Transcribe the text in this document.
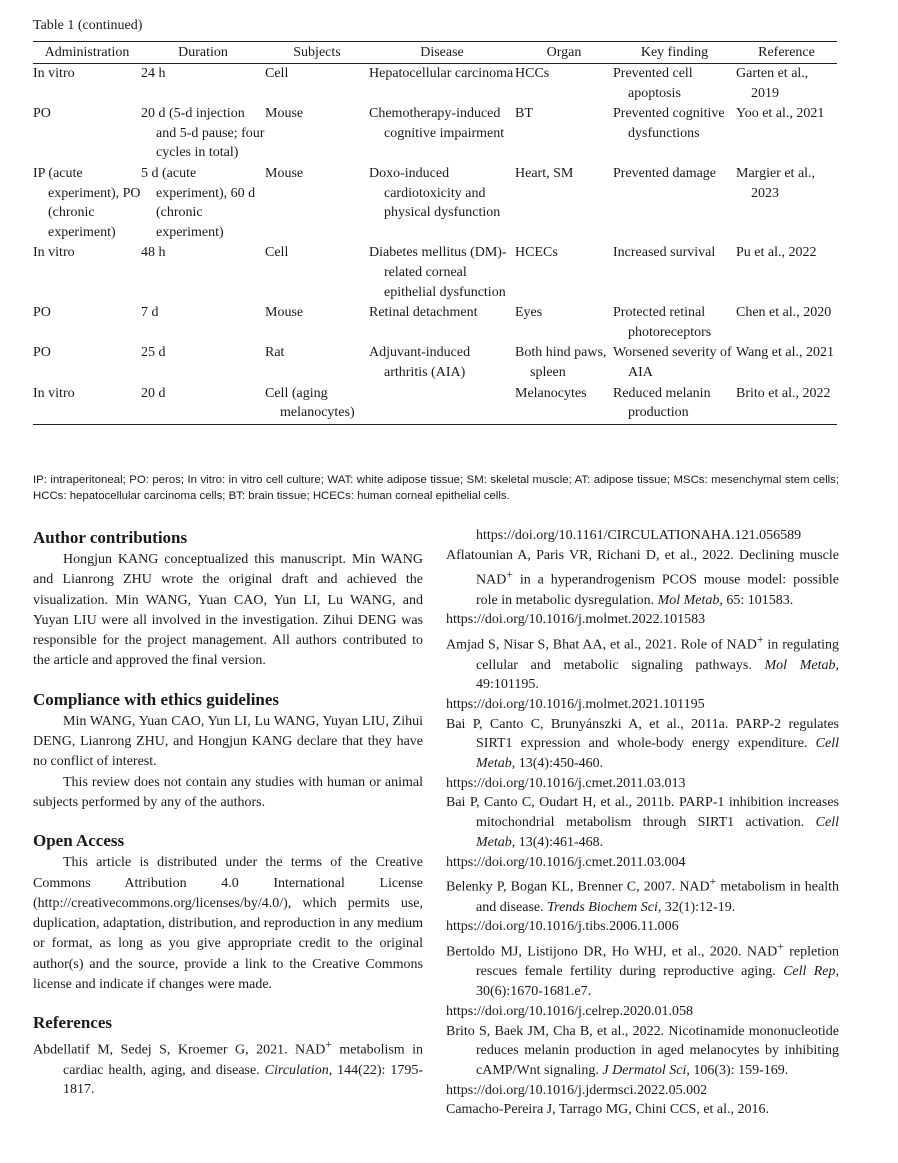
Table 1 (continued)
Administration	Duration	Subjects	Disease	Organ	Key finding	Reference

In vitro	24 h	Cell	Hepatocellular carcinoma	HCCs	Prevented cell apoptosis	Garten et al., 2019

PO	20 d (5-d injection and 5-d pause; four cycles in total)	Mouse	Chemotherapy-induced cognitive impairment	BT	Prevented cognitive dysfunctions	Yoo et al., 2021

IP (acute experiment), PO (chronic experiment)	5 d (acute experiment), 60 d (chronic experiment)	Mouse	Doxo-induced cardiotoxicity and physical dysfunction	Heart, SM	Prevented damage	Margier et al., 2023

In vitro	48 h	Cell	Diabetes mellitus (DM)-related corneal epithelial dysfunction	HCECs	Increased survival	Pu et al., 2022

PO	7 d	Mouse	Retinal detachment	Eyes	Protected retinal photoreceptors	Chen et al., 2020

PO	25 d	Rat	Adjuvant-induced arthritis (AIA)	Both hind paws, spleen	Worsened severity of AIA	Wang et al., 2021

In vitro	20 d	Cell (aging melanocytes)		Melanocytes	Reduced melanin production	Brito et al., 2022
IP: intraperitoneal; PO: peros; In vitro: in vitro cell culture; WAT: white adipose tissue; SM: skeletal muscle; AT: adipose tissue; MSCs: mesenchymal stem cells; HCCs: hepatocellular carcinoma cells; BT: brain tissue; HCECs: human corneal epithelial cells.
Author contributions

Hongjun KANG conceptualized this manuscript. Min WANG and Lianrong ZHU wrote the original draft and achieved the visualization. Min WANG, Yuan CAO, Yun LI, Lu WANG, and Yuyan LIU were all involved in the investigation. Zihui DENG was responsible for the project management. All authors contributed to the article and approved the final version.

Compliance with ethics guidelines

Min WANG, Yuan CAO, Yun LI, Lu WANG, Yuyan LIU, Zihui DENG, Lianrong ZHU, and Hongjun KANG declare that they have no conflict of interest.

This review does not contain any studies with human or animal subjects performed by any of the authors.

Open Access

This article is distributed under the terms of the Creative Commons Attribution 4.0 International License (http://creativecommons.org/licenses/by/4.0/), which permits use, duplication, adaptation, distribution, and reproduction in any medium or format, as long as you give appropriate credit to the original author(s) and the source, provide a link to the Creative Commons license and indicate if changes were made.

References

Abdellatif M, Sedej S, Kroemer G, 2021. NAD+ metabolism in cardiac health, aging, and disease. Circulation, 144(22): 1795-1817.

https://doi.org/10.1161/CIRCULATIONAHA.121.056589

Aflatounian A, Paris VR, Richani D, et al., 2022. Declining muscle NAD+ in a hyperandrogenism PCOS mouse model: possible role in metabolic dysregulation. Mol Metab, 65: 101583.
https://doi.org/10.1016/j.molmet.2022.101583

Amjad S, Nisar S, Bhat AA, et al., 2021. Role of NAD+ in regulating cellular and metabolic signaling pathways. Mol Metab, 49:101195.
https://doi.org/10.1016/j.molmet.2021.101195

Bai P, Canto C, Brunyánszki A, et al., 2011a. PARP-2 regulates SIRT1 expression and whole-body energy expenditure. Cell Metab, 13(4):450-460.
https://doi.org/10.1016/j.cmet.2011.03.013

Bai P, Canto C, Oudart H, et al., 2011b. PARP-1 inhibition increases mitochondrial metabolism through SIRT1 activation. Cell Metab, 13(4):461-468.
https://doi.org/10.1016/j.cmet.2011.03.004

Belenky P, Bogan KL, Brenner C, 2007. NAD+ metabolism in health and disease. Trends Biochem Sci, 32(1):12-19.
https://doi.org/10.1016/j.tibs.2006.11.006

Bertoldo MJ, Listijono DR, Ho WHJ, et al., 2020. NAD+ repletion rescues female fertility during reproductive aging. Cell Rep, 30(6):1670-1681.e7.
https://doi.org/10.1016/j.celrep.2020.01.058

Brito S, Baek JM, Cha B, et al., 2022. Nicotinamide mononucleotide reduces melanin production in aged melanocytes by inhibiting cAMP/Wnt signaling. J Dermatol Sci, 106(3): 159-169.
https://doi.org/10.1016/j.jdermsci.2022.05.002

Camacho-Pereira J, Tarrago MG, Chini CCS, et al., 2016.
